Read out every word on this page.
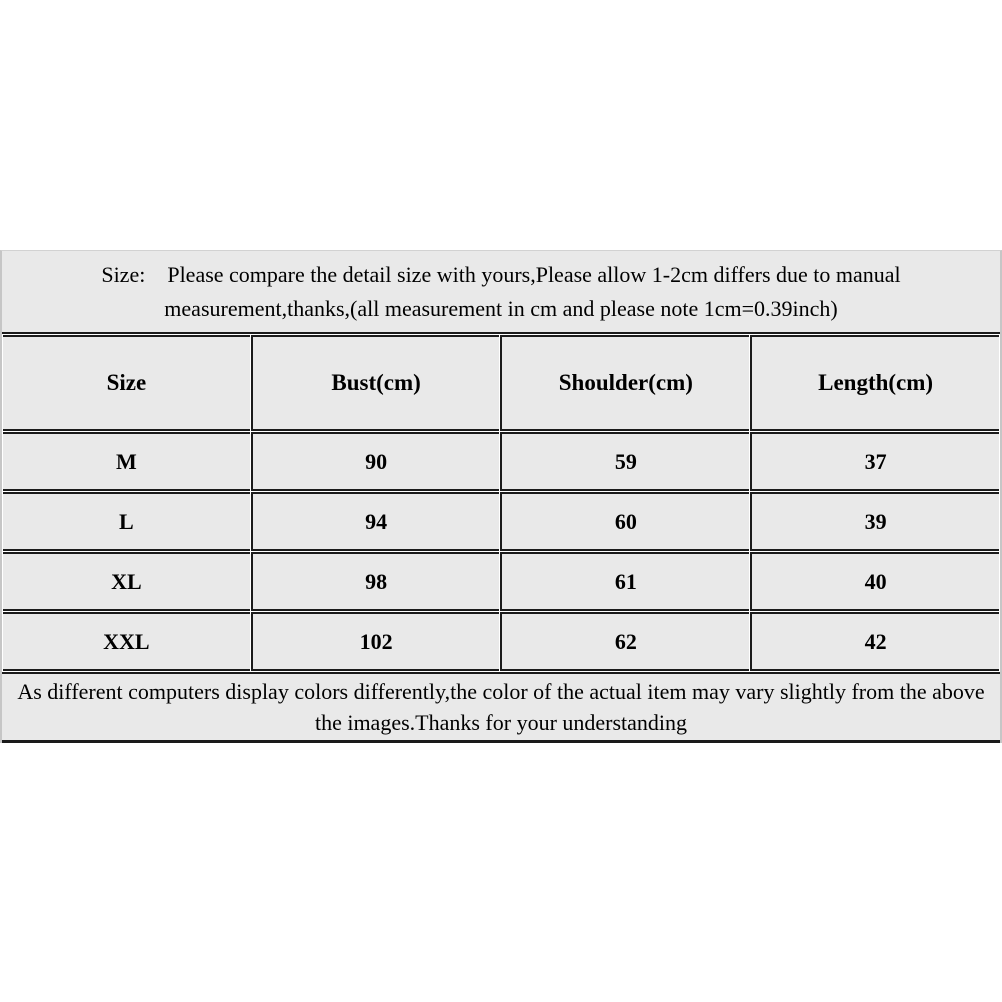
Size: Please compare the detail size with yours,Please allow 1-2cm differs due to manual
measurement,thanks,(all measurement in cm and please note 1cm=0.39inch)
Size	Bust(cm)	Shoulder(cm)	Length(cm)
M	90	59	37
L	94	60	39
XL	98	61	40
XXL	102	62	42
As different computers display colors differently,the color of the actual item may vary slightly from the above
the images.Thanks for your understanding
